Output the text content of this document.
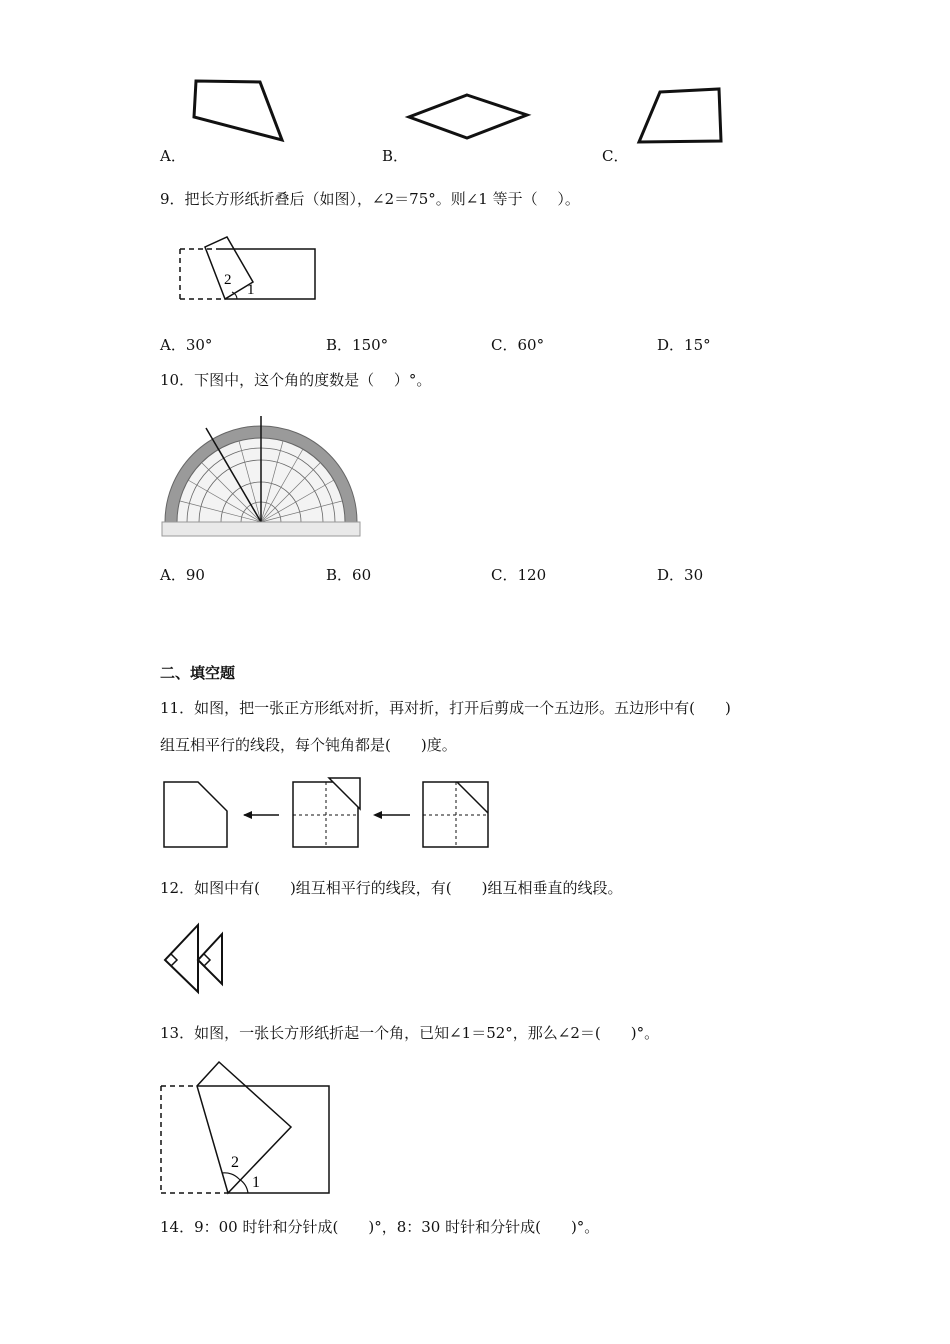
A．	B．	C．
9．把长方形纸折叠后（如图），∠2＝75°。则∠1 等于（　 ）。
2
1
A．30°	B．150°	C．60°	D．15°
10．下图中，这个角的度数是（　 ）°。
A．90	B．60	C．120	D．30
二、填空题
11．如图，把一张正方形纸对折，再对折，打开后剪成一个五边形。五边形中有(　　)
组互相平行的线段，每个钝角都是(　　)度。
12．如图中有(　　)组互相平行的线段，有(　　)组互相垂直的线段。
13．如图，一张长方形纸折起一个角，已知∠1＝52°，那么∠2＝(　　)°。
2
1
14．9：00 时针和分针成(　　)°，8：30 时针和分针成(　　)°。
